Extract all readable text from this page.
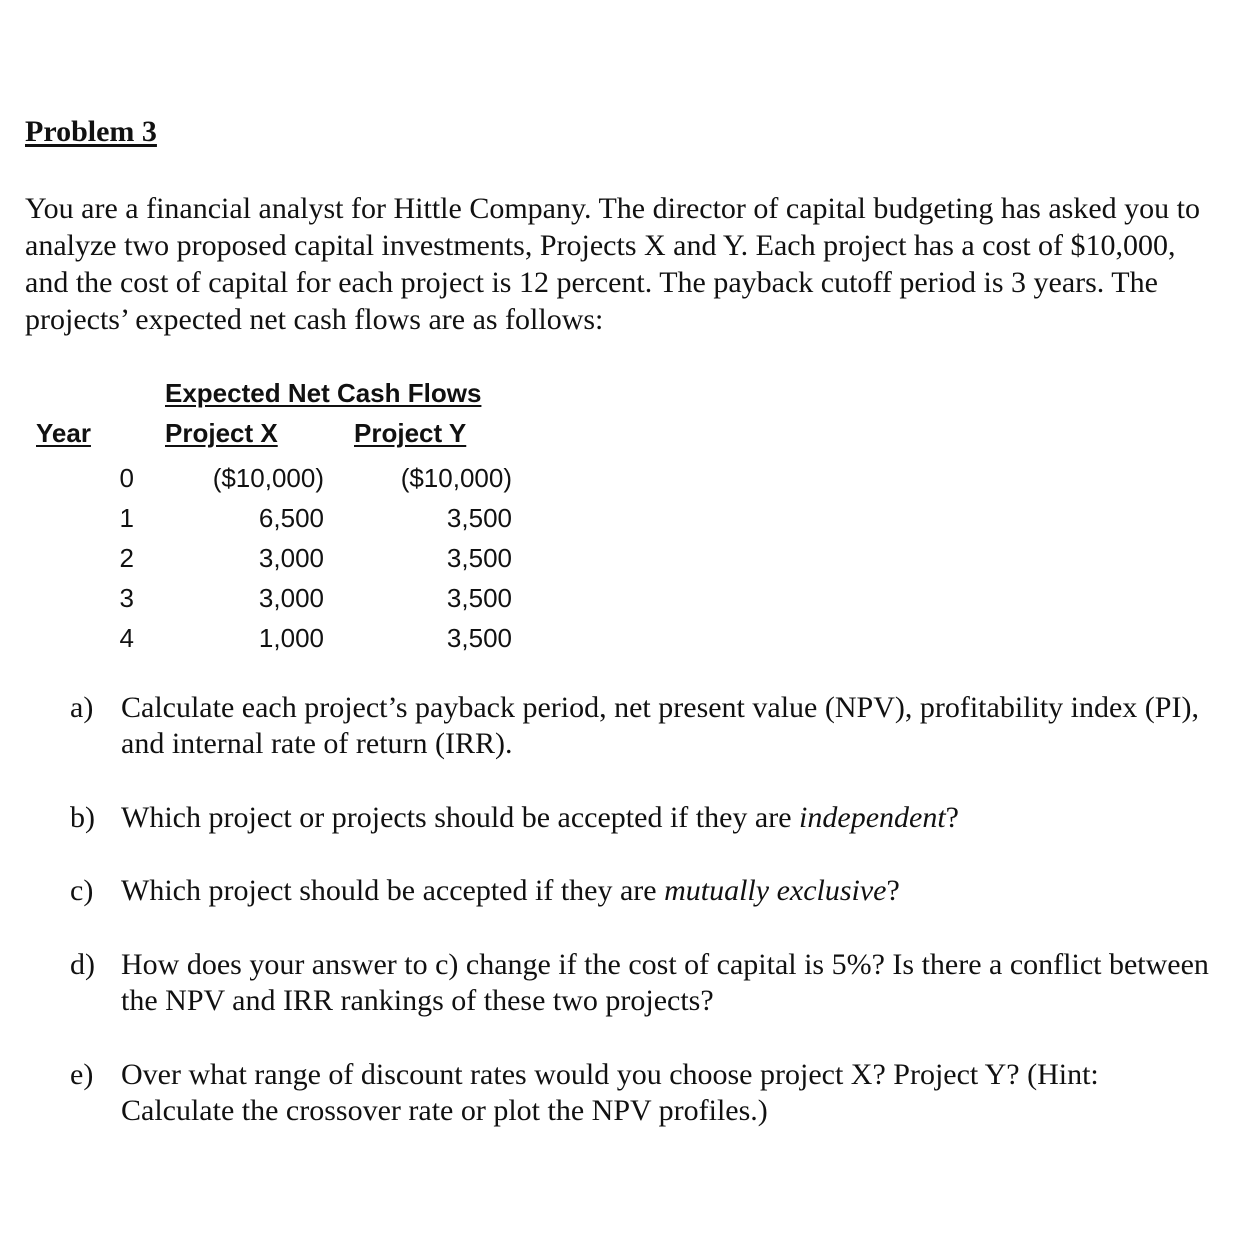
Problem 3

You are a financial analyst for Hittle Company. The director of capital budgeting has asked you to analyze two proposed capital investments, Projects X and Y. Each project has a cost of $10,000, and the cost of capital for each project is 12 percent. The payback cutoff period is 3 years. The projects’ expected net cash flows are as follows:

Expected Net Cash Flows
Year	Project X	Project Y
0	($10,000)	($10,000)
1	6,500	3,500
2	3,000	3,500
3	3,000	3,500
4	1,000	3,500
a) Calculate each project’s payback period, net present value (NPV), profitability index (PI), and internal rate of return (IRR).
b) Which project or projects should be accepted if they are independent?
c) Which project should be accepted if they are mutually exclusive?
d) How does your answer to c) change if the cost of capital is 5%? Is there a conflict between the NPV and IRR rankings of these two projects?
e) Over what range of discount rates would you choose project X? Project Y? (Hint: Calculate the crossover rate or plot the NPV profiles.)
